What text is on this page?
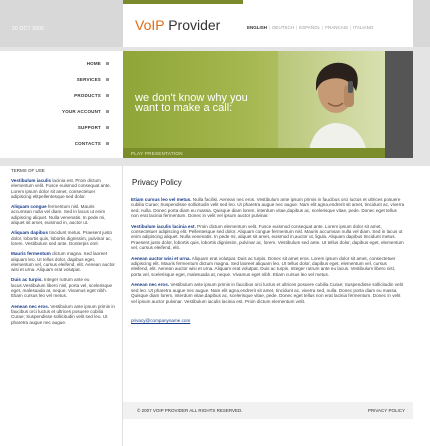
20 OCT 2005	VoIP Provider	ENGLISH | DEUTSCH | ESPAÑOL | FRANCAIS | ITALIANO
HOME
SERVICES
PRODUCTS
YOUR ACCOUNT
SUPPORT
CONTACTS
we don't know why you
want to make a call:
PLAY PRESENTATION
TERMS OF USE

Vestibulum iaculis lacinia est. Proin dictum elementum velit. Fusce euismod consequat ante. Lorem ipsum dolor sit amet, consectetuer adipiscing elitpellentesque sed dolor.

Aliquam congue fermentum nisl. Mauris accumsan nulla vel diam. Sed in lacus ut enim adipiscing aliquet. Nulla venenatis. In pede mi, aliquet sit amet, euismod in, auctor ut.

Aliquam dapibus tincidunt metus. Praesent justo dolor, lobortis quis, lobortis dignissim, pulvinar ac, lorem. Vestibulum sed ante. Donterpis orel.

Mauris fermentum dictum magna. Sed laoreet aliquam leo. Ut tellus dolor, dapibus eget, elementum vel, cursus eleifend, elit. Aenean auctor wisi et urna. Aliquam erat volutpat.

Duis ac turpis. Integer rutrum ante eu lacus.Vestibulum libero nisl, porta vel, scelerisque eget, malesuada at, neque. Vivamus eget nibh. Etiam cursus leo vel metus.

Aenean nec eros. Vestibulum ante ipsum primis in faucibus orci luctus et ultrices posuere cubilia Curae; Suspendisse sollicitudin velit sed leo. Ut pharetra augue nec augue.

Privacy Policy

Etiam cursus leo vel metus. Nulla facilisi. Aenean nec eros. Vestibulum ante ipsum primis in faucibus orci luctus et ultrices posuere cubilia Curae; Suspendisse sollicitudin velit sed leo. Ut pharetra augue nec augue. Nam elit agna,endrerit sit amet, tincidunt ac, viverra sed, nulla. Donec porta diam eu massa. Quisque diam lorem, interdum vitae,dapibus ac, scelerisque vitae, pede. Donec eget tellus non erat lacinia fermentum. Donec in velit vel ipsum auctor pulvinar.

Vestibulum iaculis lacinia est. Proin dictum elementum velit. Fusce euismod consequat ante. Lorem ipsum dolor sit amet, consectetuer adipiscing elit. Pellentesque sed dolor. Aliquam congue fermentum nisl. Mauris accumsan nulla vel diam. Sed in lacus ut enim adipiscing aliquet. Nulla venenatis. In pede mi, aliquet sit amet, euismod in,auctor ut, ligula. Aliquam dapibus tincidunt metus. Praesent justo dolor, lobortis quis, lobortis dignissim, pulvinar ac, lorem. Vestibulum sed ante. Ut tellus dolor, dapibus eget, elementum vel, cursus eleifend, elit.

Aenean auctor wisi et urna. Aliquam erat volutpat. Duis ac turpis. Donec sit amet eros. Lorem ipsum dolor sit amet, consectetuer adipiscing elit. Mauris fermentum dictum magna. Sed laoreet aliquam leo. Ut tellus dolor, dapibus eget, elementum vel, cursus eleifend, elit. Aenean auctor wisi et urna. Aliquam erat volutpat. Duis ac turpis. Integer rutrum ante eu lacus. Vestibulum libero nisl, porta vel, scelerisque eget, malesuada at, neque. Vivamus eget nibh. Etiam cursus leo vel metus.

Aenean nec eros. Vestibulum ante ipsum primis in faucibus orci luctus et ultrices posuere cubilia Curae; Suspendisse sollicitudin velit sed leo. Ut pharetra augue nec augue. Nam elit agna,endrerit sit amet, tincidunt ac, viverra sed, nulla. Donec porta diam eu massa. Quisque diam lorem, interdum vitae,dapibus ac, scelerisque vitae, pede. Donec eget tellus non erat lacinia fermentum. Donec in velit vel ipsum auctor pulvinar. Vestibulum iaculis lacinia est. Proin dictum elementum velit.

privacy@companyname.com
© 2007 VOIP PROVIDER ALL RIGHTS RESERVED.	PRIVACY POLICY
